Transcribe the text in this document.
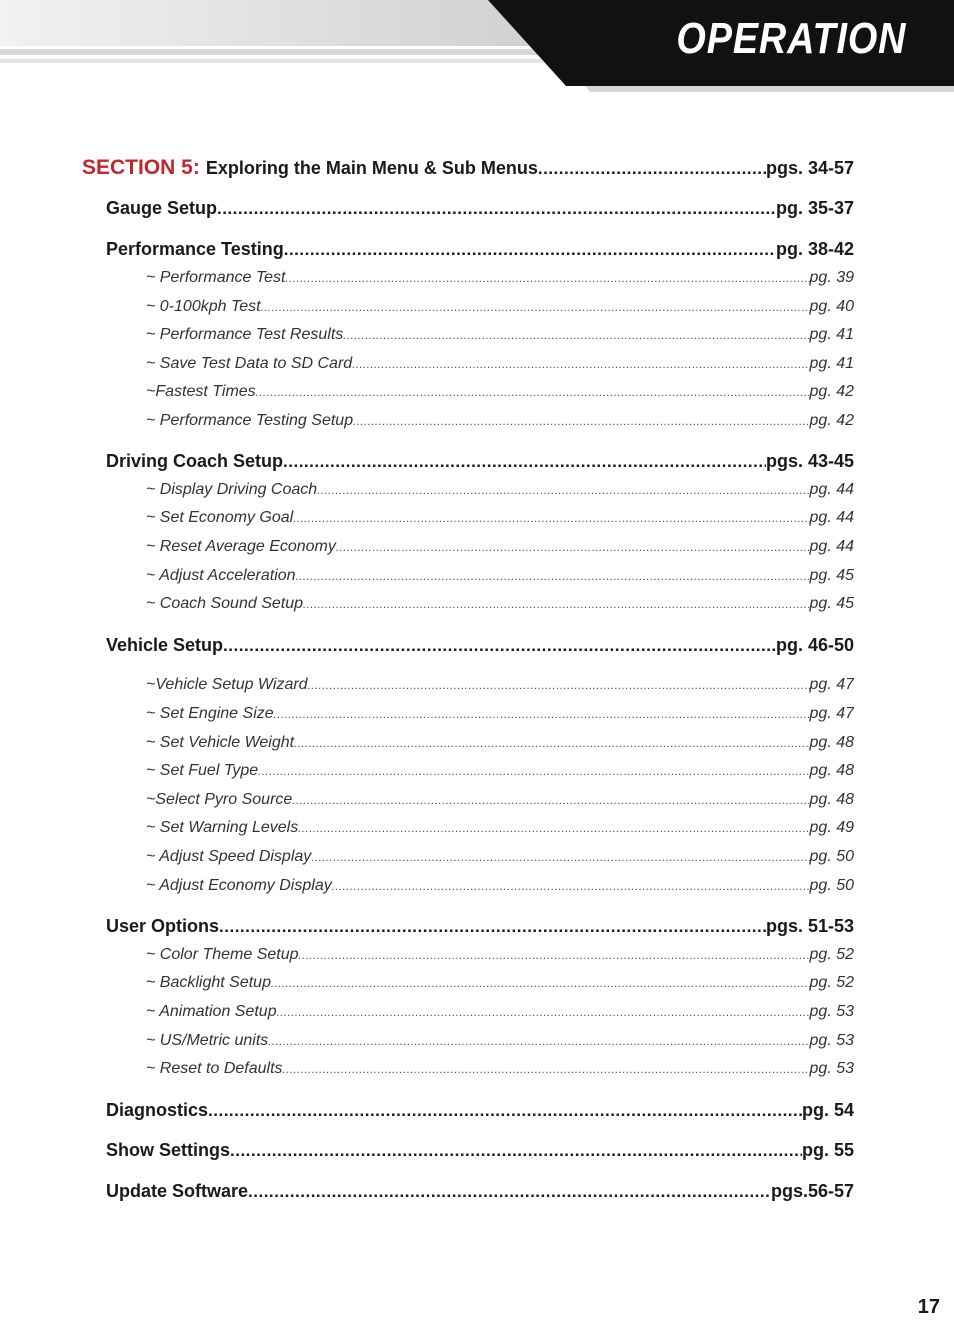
OPERATION
SECTION 5: Exploring the Main Menu & Sub Menus .....	pgs. 34-57
Gauge Setup .....	pg. 35-37
Performance Testing .....	pg. 38-42
~ Performance Test .....	pg. 39
~ 0-100kph Test .....	pg. 40
~ Performance Test Results .....	pg. 41
~ Save Test Data to SD Card .....	pg. 41
~Fastest Times .....	pg. 42
~ Performance Testing Setup .....	pg. 42
Driving Coach Setup .....	pgs. 43-45
~ Display Driving Coach .....	pg. 44
~ Set Economy Goal .....	pg. 44
~ Reset Average Economy .....	pg. 44
~ Adjust Acceleration .....	pg. 45
~ Coach Sound Setup .....	pg. 45
Vehicle Setup .....	pg. 46-50
~Vehicle Setup Wizard .....	pg. 47
~ Set Engine Size .....	pg. 47
~ Set Vehicle Weight .....	pg. 48
~ Set Fuel Type .....	pg. 48
~Select Pyro Source .....	pg. 48
~ Set Warning Levels .....	pg. 49
~ Adjust Speed Display .....	pg. 50
~ Adjust Economy Display .....	pg. 50
User Options .....	pgs. 51-53
~ Color Theme Setup .....	pg. 52
~ Backlight Setup .....	pg. 52
~ Animation Setup .....	pg. 53
~ US/Metric units .....	pg. 53
~ Reset to Defaults .....	pg. 53
Diagnostics .....	pg. 54
Show Settings .....	pg. 55
Update Software .....	pgs.56-57
17
